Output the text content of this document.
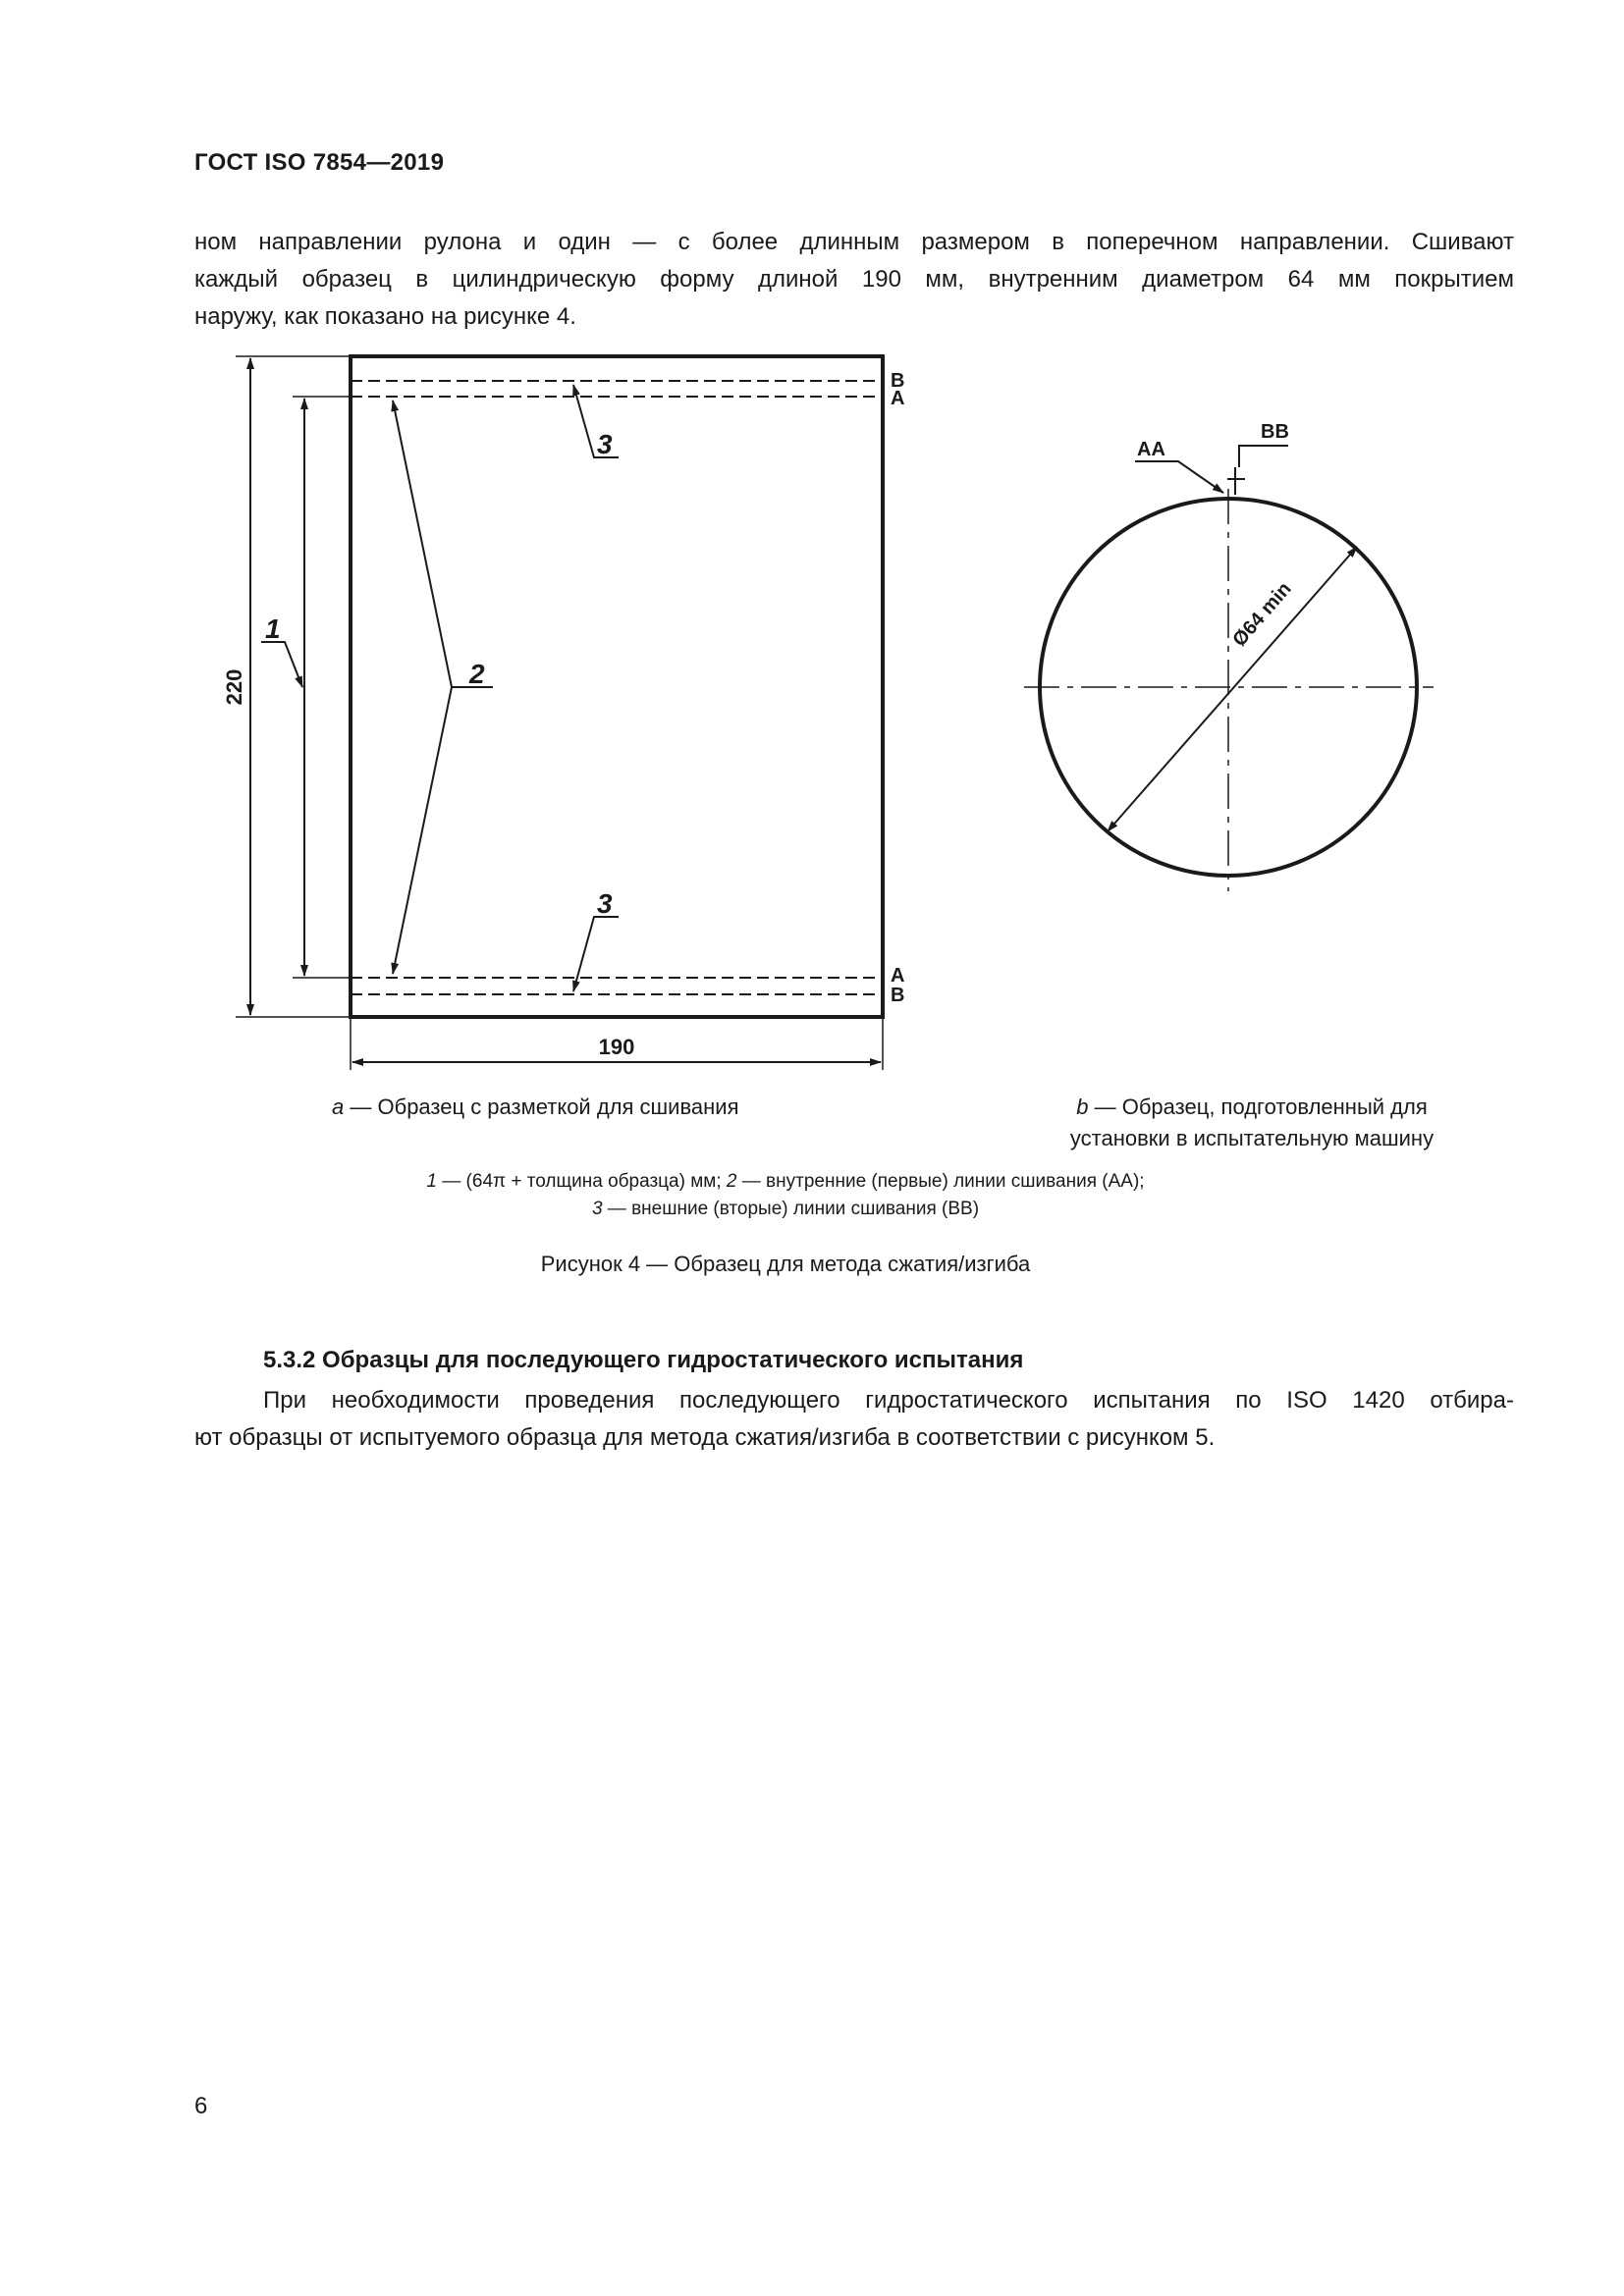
ГОСТ ISO 7854—2019
ном направлении рулона и один — с более длинным размером в поперечном направлении. Сшивают
каждый образец в цилиндрическую форму длиной 190 мм, внутренним диаметром 64 мм покрытием
наружу, как показано на рисунке 4.
220
190
1
2
3
3
B
A
A
B
AA
BB
Ø64 min
a — Образец с разметкой для сшивания	b — Образец, подготовленный для
установки в испытательную машину
1 — (64π + толщина образца) мм; 2 — внутренние (первые) линии сшивания (AA);
3 — внешние (вторые) линии сшивания (BB)
Рисунок 4 — Образец для метода сжатия/изгиба
5.3.2 Образцы для последующего гидростатического испытания
При необходимости проведения последующего гидростатического испытания по ISO 1420 отбира-
ют образцы от испытуемого образца для метода сжатия/изгиба в соответствии с рисунком 5.
6
